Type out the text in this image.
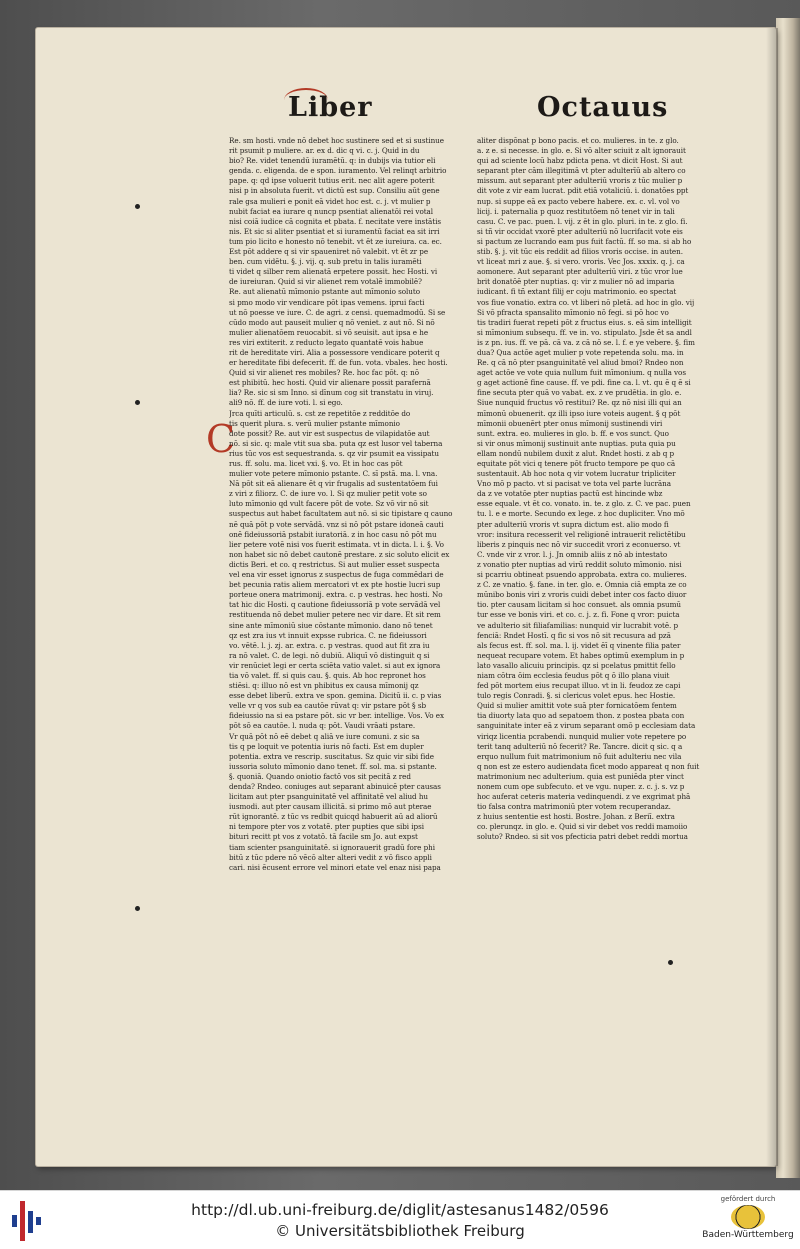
Liber	Octauus
C
Re. sm hosti. vnde nō debet hoc sustinere sed et si sustinue
rit psumit p muliere. ar. ex d. dic q vi. c. j. Quid in du
bio? Re. videt tenendū iuramētū. q: in dubijs via tutior eli
genda. c. eligenda. de e spon. iuramento. Vel relinqt arbitrio
pape. q: qd ipse voluerit tutius erit. nec alit agere poterit
nisi p in absoluta fuerit. vt dictū est sup. Consiliu aūt gene
rale gsa mulieri e ponit eā videt hoc est. c. j. vt mulier p
nubit faciat ea iurare q nuncp psentiat alienatōi rei votal
nisi coiā iudice cā cognita et pbata. f. necitate vere instātis
nis. Et sic si aliter psentiat et si iuramentū faciat ea sit irri
tum pio licito e honesto nō tenebit. vt ēt ze iureiura. ca. ec.
Est pōt addere q si vir spaueniret nō valebit. vt ēt zr pe
ben. cum vidētu. §. j. vij. q. sub pretu in talis iuramēti
ti videt q silber rem alienatā erpetere possit. hec Hosti. vi
de iureiuran. Quid si vir alienet rem votalē immobilē?
Re. aut alienatū mīmonio pstante aut mīmonio soluto
si pmo modo vir vendicare pōt ipas vemens. iprui facti
ut nō poesse ve iure. C. de agri. z censi. quemadmodū. Si se
cūdo modo aut pauseit mulier q nō veniet. z aut nō. Si nō
mulier alienatōem reuocabit. si vō seuisit. aut ipsa e he
res viri extiterit. z reducto legato quantatē vois habue
rit de hereditate viri. Alia a possessore vendicare poterit q
er hereditate fibi defecerit. ff. de fun. vota. vbales. hec hosti.
Quid si vir alienet res mobiles? Re. hoc fac pōt. q: nō
est phibitū. hec hosti. Quid vir alienare possit parafernā
lia? Re. sic si sm Inno. si dīnum cog sit transtatu in viruj.
ali9 nō. ff. de iure voti. l. si ego.
Jrca quīti articulū. s. cst ze repetitōe z redditōe do
tis querit plura. s. verū mulier pstante mīmonio
dote possit? Re. aut vir est suspectus de vilapidatōe aut
nō. si sic. q: male vtit sua sba. puta qz est lusor vel taberna
rius tūc vos est sequestranda. s. qz vir psumit ea vissipatu
rus. ff. solu. ma. licet vxi. §. vo. Et in hoc cas pōt
mulier vote petere mīmonio pstante. C. sī pstā. ma. l. vna.
Nā pōt sit eā alienare ēt q vir frugalis ad sustentatōem fui
z viri z filiorz. C. de iure vo. l. Si qz mulier petit vote so
luto mīmonio qd vult facere pōt de vote. Sz vō vir nō sit
suspectus aut habet facultatem aut nō. si sic tipistare q cauno
nē quā pōt p vote servādā. vnz si nō pōt pstare idoneā cauti
onē fideiussoriā pstabit iuratoriā. z in hoc casu nō pōt mu
lier petere votē nisi vos fuerit estimata. vt in dicta. l. i. §. Vo
non habet sic nō debet cautonē prestare. z sic soluto elicit ex
dictis Beri. et co. q restrictus. Si aut mulier esset suspecta
vel ena vir esset ignorus z suspectus de fuga commēdari de
bet pecunia ratis aliem mercatori vt ex pte hostie lucri sup
porteue onera matrimonij. extra. c. p vestras. hec hosti. No
tat hic dic Hosti. q cautione fideiussoriā p vote servādā vel
restituenda nō debet mulier petere nec vir dare. Et sit rem
sine ante mīmoniū siue cōstante mīmonio. dano nō tenet
qz est zra ius vt innuit expsse rubrica. C. ne fideiussori
vo. vētē. l. j. zj. ar. extra. c. p vestras. quod aut fit zra iu
ra nō valet. C. de legi. nō dubiū. Aliquī vō distinguit q si
vir renūciet legi er certa sciēta vatio valet. si aut ex ignora
tia vō valet. ff. si quis cau. §. quis. Ab hoc repronet hos
stiēsi. q: illuo nō est vn phibitus ex causa mīmonij qz
esse debet liberū. extra ve spon. gemina. Dicitū ii. c. p vias
velle vr q vos sub ea cautōe rūvat q: vir pstare pōt § sb
fideiussio na si ea pstare pōt. sic vr ber. intellige. Vos. Vo ex
pōt sō ea cautōe. l. nuda q: pōt. Vaudi vrāati pstare.
Vr quā pōt nō eē debet q aliā ve iure comuni. z sic sa
tis q pe loquit ve potentia iuris nō facti. Est em dupler
potentia. extra ve rescrip. suscitatus. Sz quic vir sibi fide
iussoria soluto mīmonio dano tenet. ff. sol. ma. si pstante.
§. quoniā. Quando oniotio factō vos sit pecitā z red
denda? Rndeo. coniuges aut separant abinuicē pter causas
licitam aut pter psanguinitatē vel affinitatē vel aliud hu
iusmodi. aut pter causam illicitā. si primo mō aut pterae
rūt ignorantē. z tūc vs redbit quicqd habuerit aū ad aliorū
ni tempore pter vos z votatē. pter pupties que sibi ipsi
bituri recitt pt vos z votatō. tā facile sm Jo. aut expst
tiam scienter psanguinitatē. si ignorauerit gradū fore phi
bitū z tūc pdere nō vēcō alter alteri vedit z vō fisco appli
cari. nisi ēcusent errore vel minori etate vel enaz nisi papa
aliter dispōnat p bono pacis. et co. mulieres. in te. z glo.
a. z e. si necesse. in glo. e. Si vō alter sciuit z alt ignorauit
qui ad sciente locū habz pdicta pena. vt dicit Host. Si aut
separant pter cām illegitimā vt pter adulterīū ab altero co
missum. aut separant pter adulteriū vroris z tūc mulier p
dit vote z vir eam lucrat. pdit etiā votaliciū. i. donatōes ppt
nup. si suppe eā ex pacto vebere habere. ex. c. vl. vol vo
licij. i. paternalia p quoz restitutōem nō tenet vir in tali
casu. C. ve pac. puen. l. vij. z ēt in glo. pluri. in te. z glo. fi.
si tñ vir occidat vxorē pter adulteriū nō lucrifacit vote eis
si pactum ze lucrando eam pus fuit factū. ff. so ma. si ab ho
stib. §. j. vit tūc eis reddit ad filios vroris occise. in auten.
vt liceat mri z aue. §. si vero. vroris. Vec Jos. xxxix. q. j. ca
aomonere. Aut separant pter adulteriū viri. z tūc vror lue
brit donatōē pter nuptias. q: vir z mulier nō ad imparia
iudicant. fi tñ extant filij er coju matrimonio. eo spectat
vos fiue vonatio. extra co. vt liberi nō pletā. ad hoc in glo. vij
Si vō pfracta spansalito mīmonio nō fegi. si pō hoc vo
tis tradiri fuerat repeti pōt z fructus eius. s. eā sim intelligit
si mīmonium subsequ. ff. ve in. vo. stipulato. Jsde ēt sa andl
is z pn. ius. ff. ve pā. cā va. z cā nō se. l. f. e ye vebere. §. fim
dua? Qua actōe aget mulier p vote repetenda solu. ma. in
Re. q cā nō pter psanguinitatē vel aliud bmoi? Rndeo non
aget actōe ve vote quia nullum fuit mīmonium. q nulla vos
g aget actionē fine cause. ff. ve pdi. fine ca. l. vt. qu ē q ē si
fine secuta pter quā vo vabat. ex. z ve prudētia. in glo. e.
Siue nunquid fructus vō restitui? Re. qz nō nisi illi qui an
mīmonū obuenerit. qz illi ipso iure voteis augent. § q pōt
mīmonii obuenērt pter onus mīmonij sustinendi viri
sunt. extra. eo. mulieres in glo. b. ff. e vos sunct. Quo
si vir onus mīmonij sustinuit ante nuptias. puta quia pu
ellam nondū nubilem duxit z alut. Rndet hosti. z ab q p
equitate pōt vici q tenere pōt fructo tempore pe quo cā
sustentauit. Ab hoc nota q vir votem lucratur tripliciter
Vno mō p pacto. vt si pacisat ve tota vel parte lucrāna
da z ve votatōe pter nuptias pactū est hincinde wbz
esse equale. vt ēt co. vonato. in. te. z glo. z. C. ve pac. puen
tu. l. e e morte. Secundo ex lege. z hoc dupliciter. Vno mō
pter adulteriū vroris vt supra dictum est. alio modo fi
vror: insitura recesserit vel religionē intrauerit relictētibu
liberis z pinquis nec nō vir succedit vrori z econuerso. vt
C. vnde vir z vror. l. j. Jn omnib aliis z nō ab intestato
z vonatio pter nuptias ad virū reddit soluto mīmonio. nisi
si pcarriu obtineat psuendo approbata. extra co. mulieres.
z C. ze vnatio. §. fane. in ter. glo. e. Omnia ciā empta ze co
mūnibo bonis viri z vroris cuidi debet inter cos facto diuor
tio. pter causam licitam si hoc consuet. als omnia psumū
tur esse ve bonis viri. et co. c. j. z. fi. Fone q vror: puicta
ve adulterio sit filiafamilias: nunquid vir lucrabit votē. p
fenciā: Rndet Hostī. q fic si vos nō sit recusura ad pzā
als fecus est. ff. sol. ma. l. ij. videt ēī q vinente filia pater
nequeat recupare votem. Et habes optimū exemplum in p
lato vasallo alicuiu principis. qz si pcelatus pmittit fello
niam cōtra ōim ecclesia feudus pōt q ō illo plana viuit
fed pōt mortem eius recupat illuo. vt in li. feudoz ze capi
tulo regis Conradi. §. si clericus volet epus. hec Hostie.
Quid si mulier amittit vote suā pter fornicatōem fentem
tia diuorty lata quo ad sepatoem thon. z postea pbata con
sanguinitate inter eā z virum separant omō p ecclesiam data
viriqz licentia pcrabendi. nunquid mulier vote repetere po
terit tanq adulteriū nō fecerit? Re. Tancre. dicit q sic. q a
erquo nullum fuit matrimonium nō fuit adulteriu nec vila
q non est ze estero audiendata ficet modo appareat q non fuit
matrimonium nec adulterium. quia est puniēda pter vinct
nonem cum ope subfecuto. et ve vgu. nuper. z. c. j. s. vz p
hoc auferat ceteris materia vedinquendi. z ve exgrimat phā
tio falsa contra matrimoniū pter votem recuperandaz.
z huius sententie est hosti. Bostre. Johan. z Beriī. extra
co. plerunqz. in glo. e. Quid si vir debet vos reddi mamoiio
soluto? Rndeo. si sit vos pfecticia patri debet reddi mortua
http://dl.ub.uni-freiburg.de/diglit/astesanus1482/0596
© Universitätsbibliothek Freiburg
gefördert durch
Baden-Württemberg
